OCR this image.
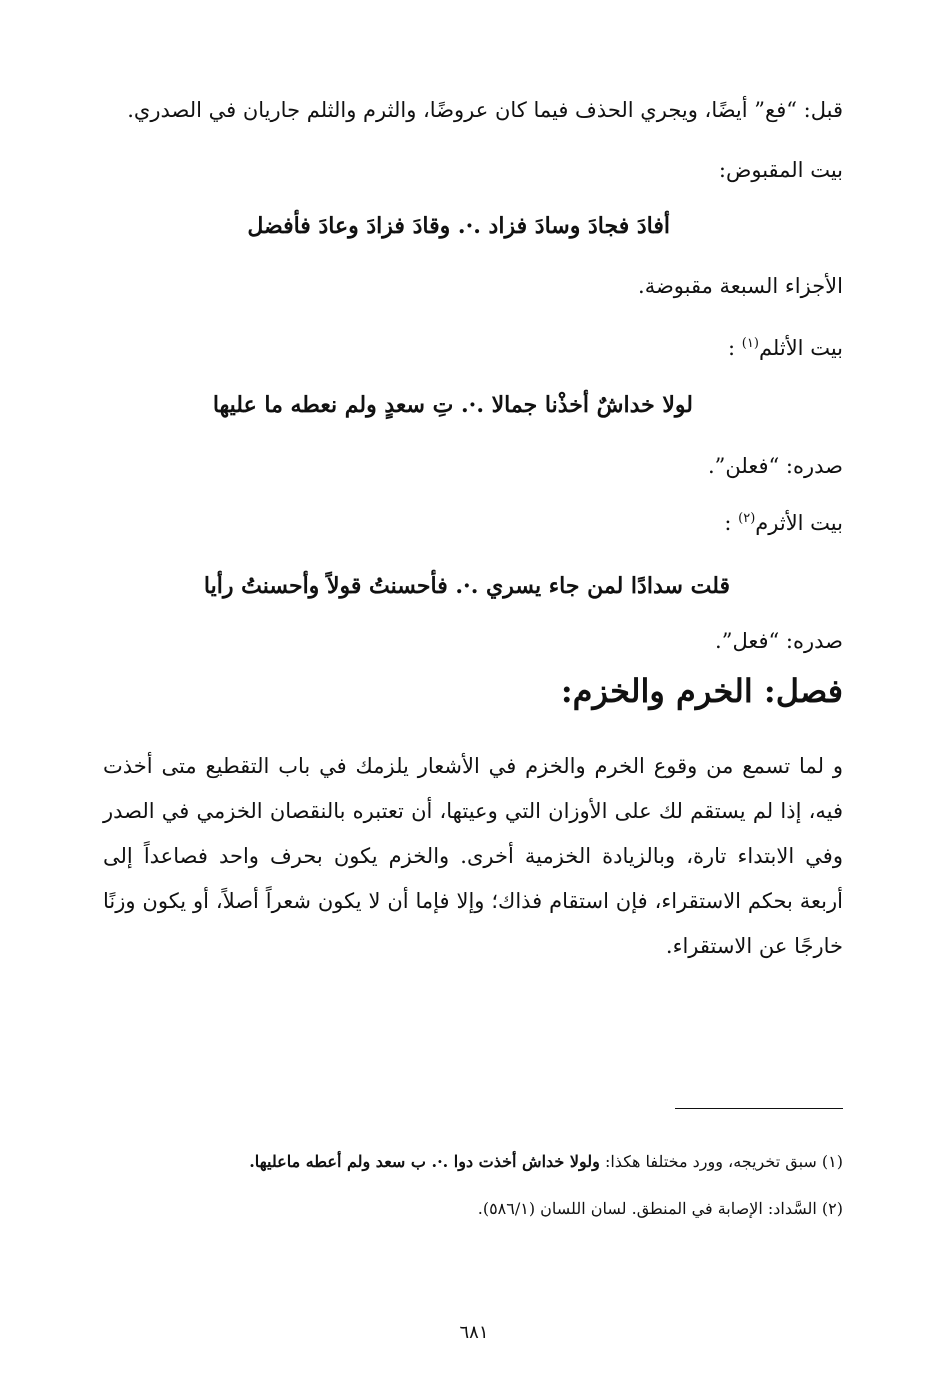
قبل: “فع” أيضًا، ويجري الحذف فيما كان عروضًا، والثرم والثلم جاريان في الصدري.
بيت المقبوض:
أفادَ فجادَ وسادَ فزاد .·. وقادَ فزادَ وعادَ فأفضل
الأجزاء السبعة مقبوضة.
بيت الأثلم$^{(١)}$ :
لولا خداشٌ أخذْنا جمالا .·. تِ سعدٍ ولم نعطه ما عليها
صدره: “فعلن”.
بيت الأثرم$^{(٢)}$ :
قلت سدادًا لمن جاء يسري .·. فأحسنتُ قولاً وأحسنتُ رأيا
صدره: “فعل”.
فصل: الخرم والخزم:
و لما تسمع من وقوع الخرم والخزم في الأشعار يلزمك في باب التقطيع متى أخذت فيه، إذا لم يستقم لك على الأوزان التي وعيتها، أن تعتبره بالنقصان الخزمي في الصدر وفي الابتداء تارة، وبالزيادة الخزمية أخرى. والخزم يكون بحرف واحد فصاعداً إلى أربعة بحكم الاستقراء، فإن استقام فذاك؛ وإلا فإما أن لا يكون شعراً أصلاً، أو يكون وزنًا خارجًا عن الاستقراء.
(١) سبق تخريجه، وورد مختلفا هكذا: ولولا خداش أخذت دوا .·. ب سعد ولم أعطه ماعليها.
(٢) السَّداد: الإصابة في المنطق. لسان اللسان (٥٨٦/١).
٦٨١
